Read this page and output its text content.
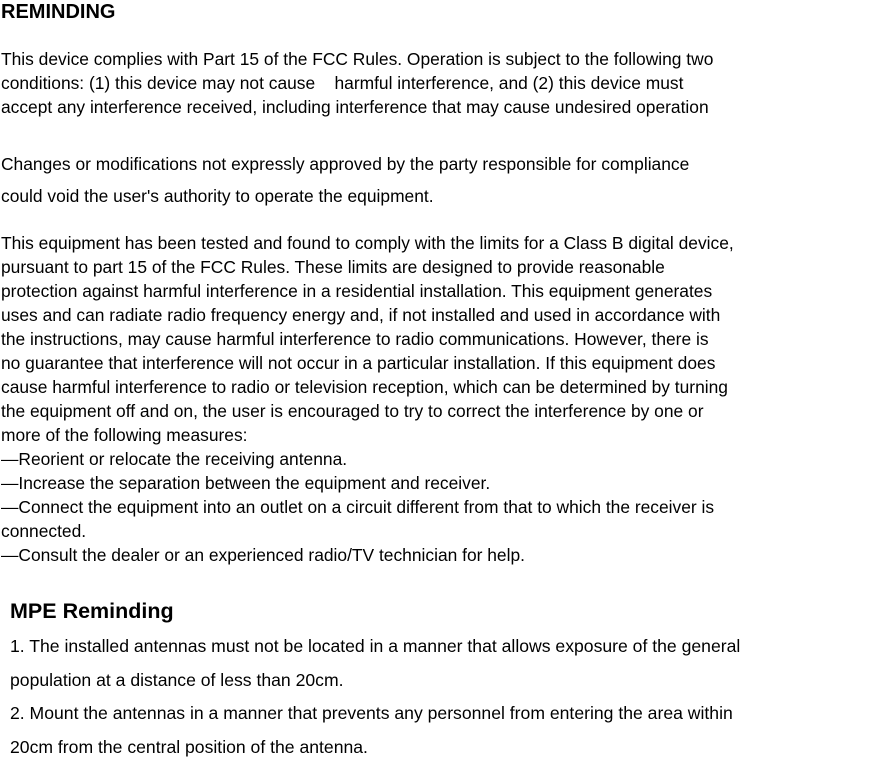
REMINDING
This device complies with Part 15 of the FCC Rules. Operation is subject to the following two
conditions: (1) this device may not cause    harmful interference, and (2) this device must
accept any interference received, including interference that may cause undesired operation
Changes or modifications not expressly approved by the party responsible for compliance
could void the user's authority to operate the equipment.
This equipment has been tested and found to comply with the limits for a Class B digital device,
pursuant to part 15 of the FCC Rules. These limits are designed to provide reasonable
protection against harmful interference in a residential installation. This equipment generates
uses and can radiate radio frequency energy and, if not installed and used in accordance with
the instructions, may cause harmful interference to radio communications. However, there is
no guarantee that interference will not occur in a particular installation. If this equipment does
cause harmful interference to radio or television reception, which can be determined by turning
the equipment off and on, the user is encouraged to try to correct the interference by one or
more of the following measures:
—Reorient or relocate the receiving antenna.
—Increase the separation between the equipment and receiver.
—Connect the equipment into an outlet on a circuit different from that to which the receiver is
connected.
—Consult the dealer or an experienced radio/TV technician for help.
MPE Reminding
1. The installed antennas must not be located in a manner that allows exposure of the general
population at a distance of less than 20cm.
2. Mount the antennas in a manner that prevents any personnel from entering the area within
20cm from the central position of the antenna.
